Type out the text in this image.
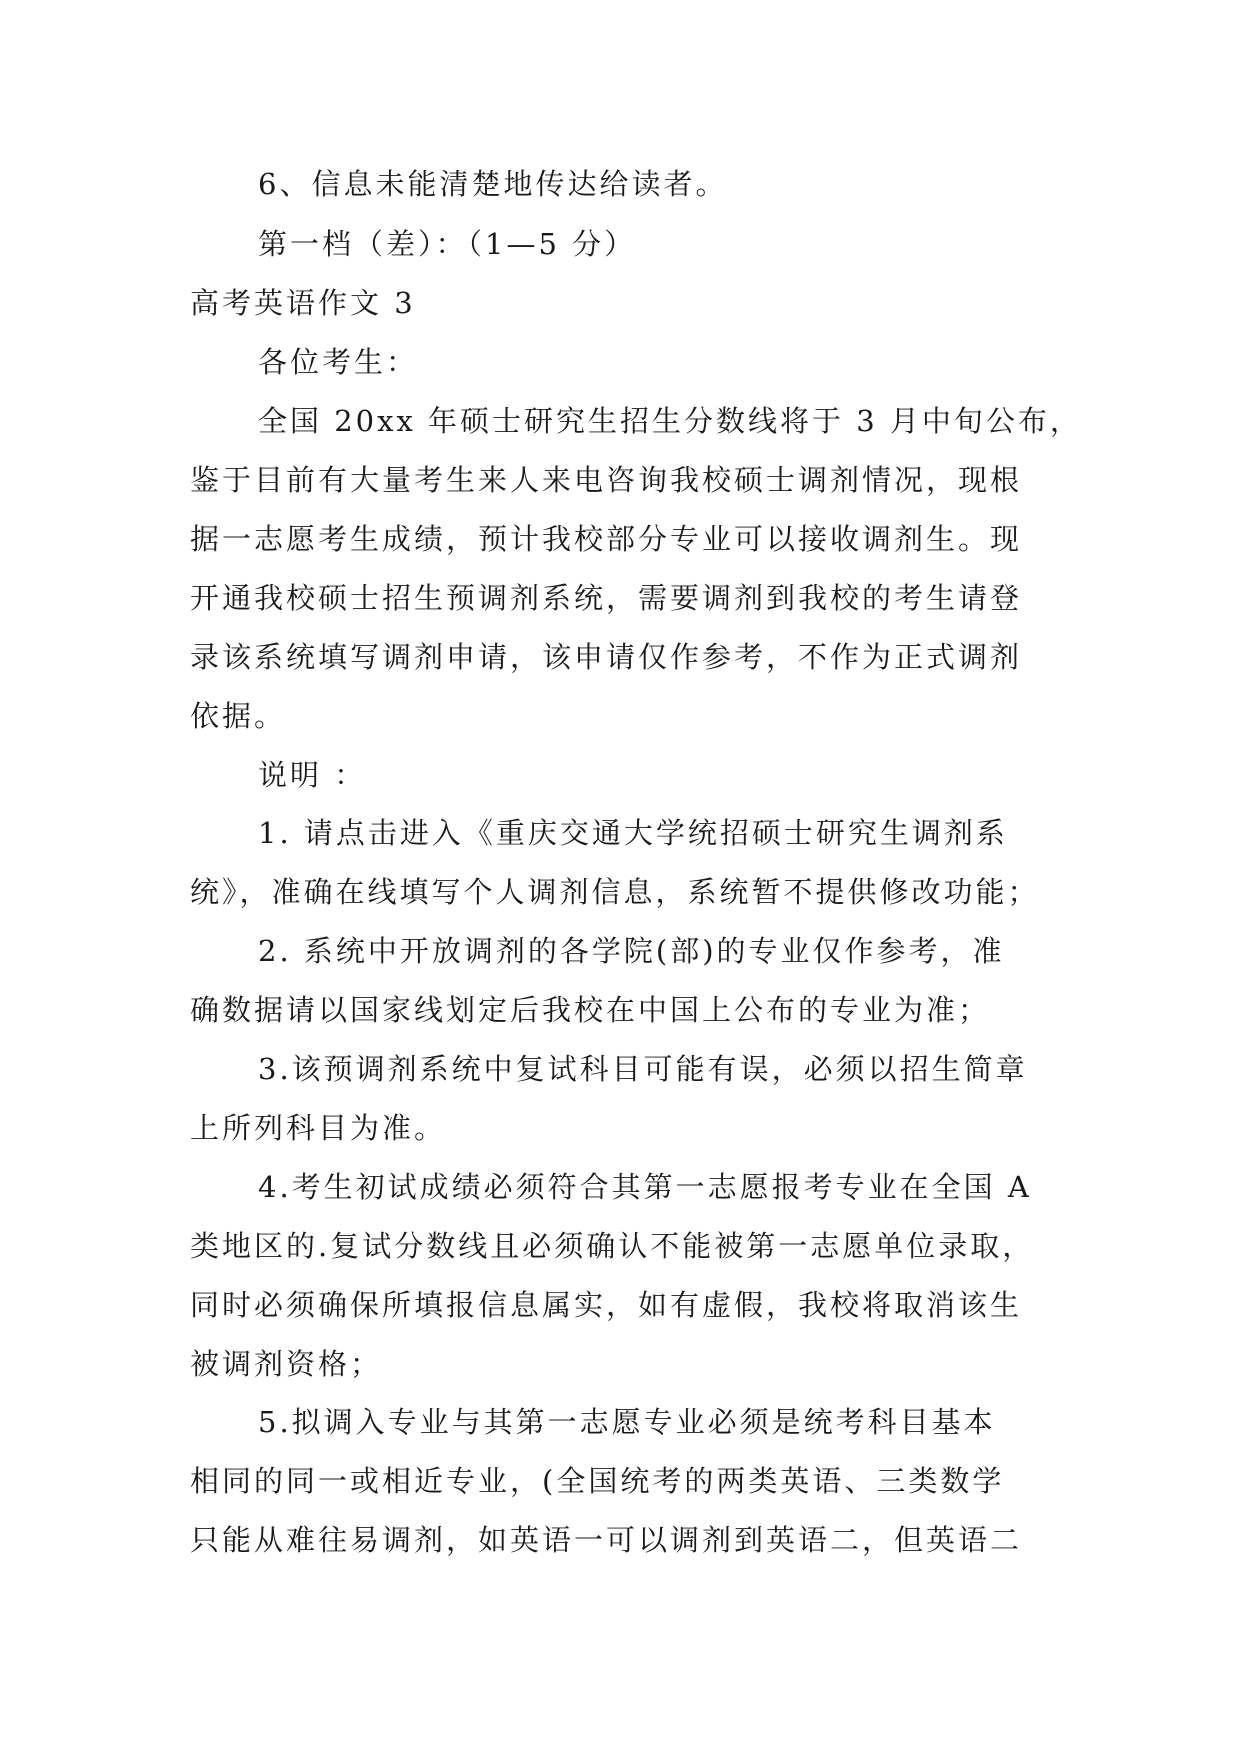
6、信息未能清楚地传达给读者。
第一档（差）：（1—5 分）
高考英语作文 3
各位考生：
全国 20xx 年硕士研究生招生分数线将于 3 月中旬公布，
鉴于目前有大量考生来人来电咨询我校硕士调剂情况，现根
据一志愿考生成绩，预计我校部分专业可以接收调剂生。现
开通我校硕士招生预调剂系统，需要调剂到我校的考生请登
录该系统填写调剂申请，该申请仅作参考，不作为正式调剂
依据。
说明 ：
1. 请点击进入《重庆交通大学统招硕士研究生调剂系
统》，准确在线填写个人调剂信息，系统暂不提供修改功能；
2. 系统中开放调剂的各学院(部)的专业仅作参考，准
确数据请以国家线划定后我校在中国上公布的专业为准；
3.该预调剂系统中复试科目可能有误，必须以招生简章
上所列科目为准。
4.考生初试成绩必须符合其第一志愿报考专业在全国 A
类地区的.复试分数线且必须确认不能被第一志愿单位录取，
同时必须确保所填报信息属实，如有虚假，我校将取消该生
被调剂资格；
5.拟调入专业与其第一志愿专业必须是统考科目基本
相同的同一或相近专业，(全国统考的两类英语、三类数学
只能从难往易调剂，如英语一可以调剂到英语二，但英语二
